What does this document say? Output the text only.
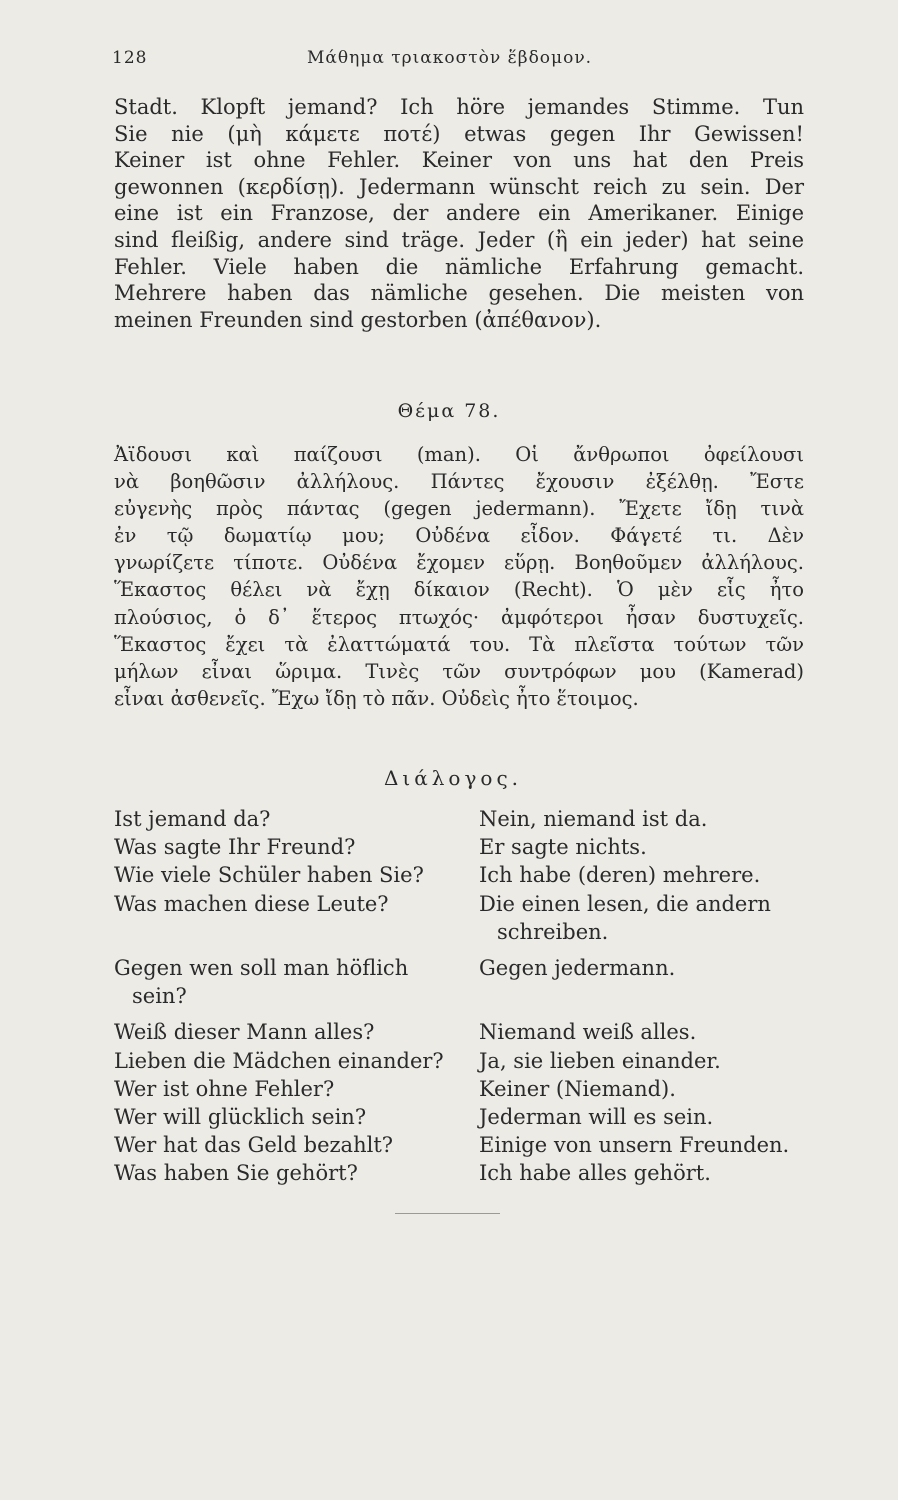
128	Μάθημα τριακοστὸν ἕβδομον.
Stadt. Klopft jemand? Ich höre jemandes Stimme. Tun
Sie nie (μὴ κάμετε ποτέ) etwas gegen Ihr Gewissen!
Keiner ist ohne Fehler. Keiner von uns hat den Preis
gewonnen (κερδίσῃ). Jedermann wünscht reich zu sein. Der
eine ist ein Franzose, der andere ein Amerikaner. Einige
sind fleißig, andere sind träge. Jeder (ἢ ein jeder) hat seine
Fehler. Viele haben die nämliche Erfahrung gemacht.
Mehrere haben das nämliche gesehen. Die meisten von
meinen Freunden sind gestorben (ἀπέθανον).
Θέμα 78.
Ἀϊδουσι καὶ παίζουσι (man). Οἱ ἄνθρωποι ὀφείλουσι
νὰ βοηθῶσιν ἀλλήλους. Πάντες ἔχουσιν ἐξέλθῃ. Ἔστε
εὐγενὴς πρὸς πάντας (gegen jedermann). Ἔχετε ἴδῃ τινὰ
ἐν τῷ δωματίῳ μου; Οὐδένα εἶδον. Φάγετέ τι. Δὲν
γνωρίζετε τίποτε. Οὐδένα ἔχομεν εὕρῃ. Βοηθοῦμεν ἀλλήλους.
Ἕκαστος θέλει νὰ ἔχῃ δίκαιον (Recht). Ὁ μὲν εἷς ἦτο
πλούσιος, ὁ δ᾽ ἕτερος πτωχός· ἀμφότεροι ἦσαν δυστυχεῖς.
Ἕκαστος ἔχει τὰ ἐλαττώματά του. Τὰ πλεῖστα τούτων τῶν
μήλων εἶναι ὥριμα. Τινὲς τῶν συντρόφων μου (Kamerad)
εἶναι ἀσθενεῖς. Ἔχω ἴδῃ τὸ πᾶν. Οὐδεὶς ἦτο ἕτοιμος.
Διάλογος.
Ist jemand da?	Nein, niemand ist da.
Was sagte Ihr Freund?	Er sagte nichts.
Wie viele Schüler haben Sie?	Ich habe (deren) mehrere.
Was machen diese Leute?	Die einen lesen, die andern
schreiben.
Gegen wen soll man höflich	Gegen jedermann.
sein?
Weiß dieser Mann alles?	Niemand weiß alles.
Lieben die Mädchen einander? Ja, sie lieben einander.
Wer ist ohne Fehler?	Keiner (Niemand).
Wer will glücklich sein?	Jederman will es sein.
Wer hat das Geld bezahlt?	Einige von unsern Freunden.
Was haben Sie gehört?	Ich habe alles gehört.
